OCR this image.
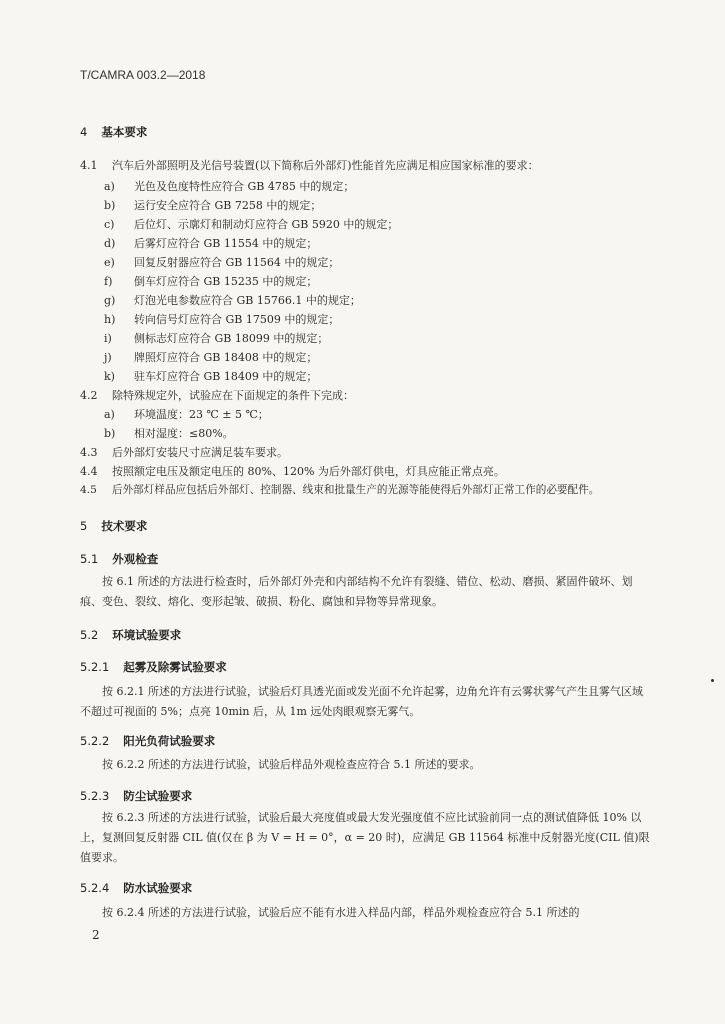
T/CAMRA 003.2—2018
4 基本要求
4.1 汽车后外部照明及光信号装置(以下简称后外部灯)性能首先应满足相应国家标准的要求：
a) 光色及色度特性应符合 GB 4785 中的规定；
b) 运行安全应符合 GB 7258 中的规定；
c) 后位灯、示廓灯和制动灯应符合 GB 5920 中的规定；
d) 后雾灯应符合 GB 11554 中的规定；
e) 回复反射器应符合 GB 11564 中的规定；
f) 倒车灯应符合 GB 15235 中的规定；
g) 灯泡光电参数应符合 GB 15766.1 中的规定；
h) 转向信号灯应符合 GB 17509 中的规定；
i) 侧标志灯应符合 GB 18099 中的规定；
j) 牌照灯应符合 GB 18408 中的规定；
k) 驻车灯应符合 GB 18409 中的规定；
4.2 除特殊规定外，试验应在下面规定的条件下完成：
a) 环境温度：23 ℃ ± 5 ℃；
b) 相对湿度：≤80%。
4.3 后外部灯安装尺寸应满足装车要求。
4.4 按照额定电压及额定电压的 80%、120% 为后外部灯供电，灯具应能正常点亮。
4.5 后外部灯样品应包括后外部灯、控制器、线束和批量生产的光源等能使得后外部灯正常工作的必要配件。
5 技术要求
5.1 外观检查
按 6.1 所述的方法进行检查时，后外部灯外壳和内部结构不允许有裂缝、错位、松动、磨损、紧固件破坏、划痕、变色、裂纹、熔化、变形起皱、破损、粉化、腐蚀和异物等异常现象。
5.2 环境试验要求
5.2.1 起雾及除雾试验要求
按 6.2.1 所述的方法进行试验，试验后灯具透光面或发光面不允许起雾，边角允许有云雾状雾气产生且雾气区域不超过可视面的 5%；点亮 10min 后，从 1m 远处肉眼观察无雾气。
5.2.2 阳光负荷试验要求
按 6.2.2 所述的方法进行试验，试验后样品外观检查应符合 5.1 所述的要求。
5.2.3 防尘试验要求
按 6.2.3 所述的方法进行试验，试验后最大亮度值或最大发光强度值不应比试验前同一点的测试值降低 10% 以上，复测回复反射器 CIL 值(仅在 β 为 V = H = 0°，α = 20 时)，应满足 GB 11564 标准中反射器光度(CIL 值)限值要求。
5.2.4 防水试验要求
按 6.2.4 所述的方法进行试验，试验后应不能有水进入样品内部，样品外观检查应符合 5.1 所述的
2
